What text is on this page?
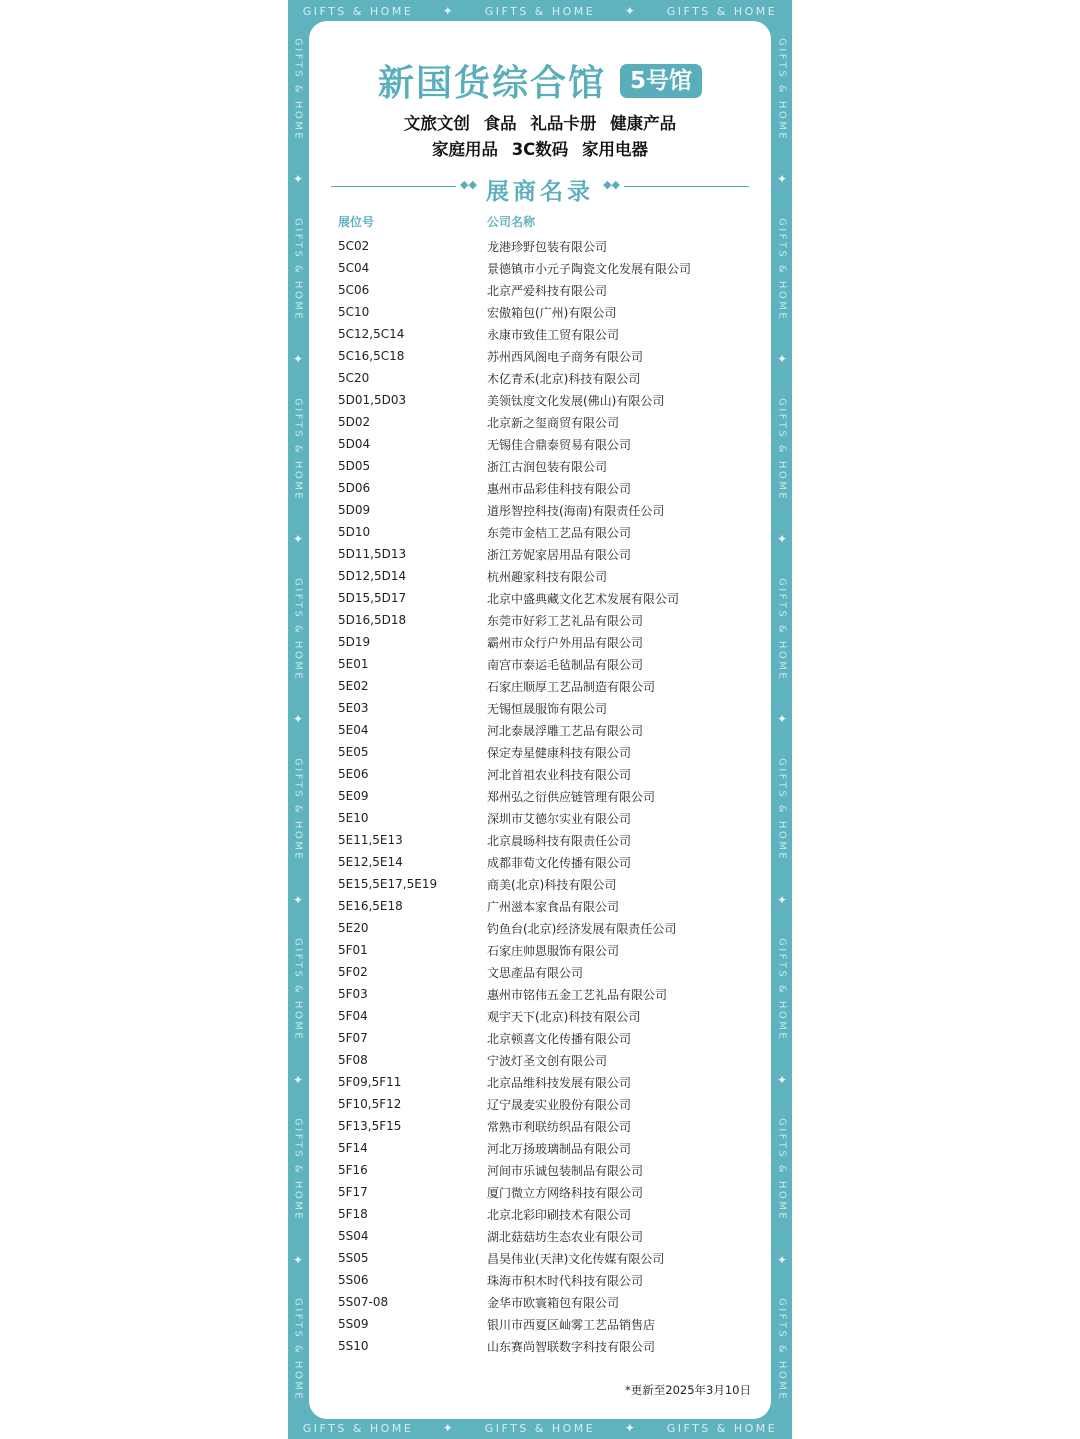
GIFTS & HOME ✦	GIFTS & HOME ✦	GIFTS & HOME
GIFTS & HOME
✦
GIFTS & HOME
✦
GIFTS & HOME
✦
GIFTS & HOME
✦
GIFTS & HOME
✦
GIFTS & HOME
✦
GIFTS & HOME
✦
GIFTS & HOME
GIFTS & HOME
✦
GIFTS & HOME
✦
GIFTS & HOME
✦
GIFTS & HOME
✦
GIFTS & HOME
✦
GIFTS & HOME
✦
GIFTS & HOME
✦
GIFTS & HOME
GIFTS & HOME ✦	GIFTS & HOME ✦	GIFTS & HOME
新国货综合馆	5号馆
文旅文创 食品 礼品卡册 健康产品
家庭用品 3C数码 家用电器
◆◆ 展商名录 ◆◆
展位号	公司名称
5C02	龙港珍野包装有限公司
5C04	景德镇市小元子陶瓷文化发展有限公司
5C06	北京严爱科技有限公司
5C10	宏傲箱包(广州)有限公司
5C12,5C14	永康市致佳工贸有限公司
5C16,5C18	苏州西风阁电子商务有限公司
5C20	木亿青禾(北京)科技有限公司
5D01,5D03	美领钛度文化发展(佛山)有限公司
5D02	北京新之玺商贸有限公司
5D04	无锡佳合鼎泰贸易有限公司
5D05	浙江古润包装有限公司
5D06	惠州市品彩佳科技有限公司
5D09	道彤智控科技(海南)有限责任公司
5D10	东莞市金桔工艺品有限公司
5D11,5D13	浙江芳妮家居用品有限公司
5D12,5D14	杭州趣家科技有限公司
5D15,5D17	北京中盛典藏文化艺术发展有限公司
5D16,5D18	东莞市好彩工艺礼品有限公司
5D19	霸州市众行户外用品有限公司
5E01	南宫市泰运毛毡制品有限公司
5E02	石家庄顺厚工艺品制造有限公司
5E03	无锡恒晟服饰有限公司
5E04	河北泰晟浮雕工艺品有限公司
5E05	保定寿星健康科技有限公司
5E06	河北首祖农业科技有限公司
5E09	郑州弘之衍供应链管理有限公司
5E10	深圳市艾德尔实业有限公司
5E11,5E13	北京晨旸科技有限责任公司
5E12,5E14	成都菲荀文化传播有限公司
5E15,5E17,5E19	商美(北京)科技有限公司
5E16,5E18	广州滋本家食品有限公司
5E20	钓鱼台(北京)经济发展有限责任公司
5F01	石家庄帅恩服饰有限公司
5F02	文思產品有限公司
5F03	惠州市铭伟五金工艺礼品有限公司
5F04	观宇天下(北京)科技有限公司
5F07	北京顿喜文化传播有限公司
5F08	宁波灯圣文创有限公司
5F09,5F11	北京品维科技发展有限公司
5F10,5F12	辽宁晟麦实业股份有限公司
5F13,5F15	常熟市利联纺织品有限公司
5F14	河北万扬玻璃制品有限公司
5F16	河间市乐诚包装制品有限公司
5F17	厦门微立方网络科技有限公司
5F18	北京北彩印刷技术有限公司
5S04	湖北菇菇坊生态农业有限公司
5S05	昌昊伟业(天津)文化传媒有限公司
5S06	珠海市积木时代科技有限公司
5S07-08	金华市欧寰箱包有限公司
5S09	银川市西夏区屾雾工艺品销售店
5S10	山东赛尚智联数字科技有限公司
*更新至2025年3月10日
